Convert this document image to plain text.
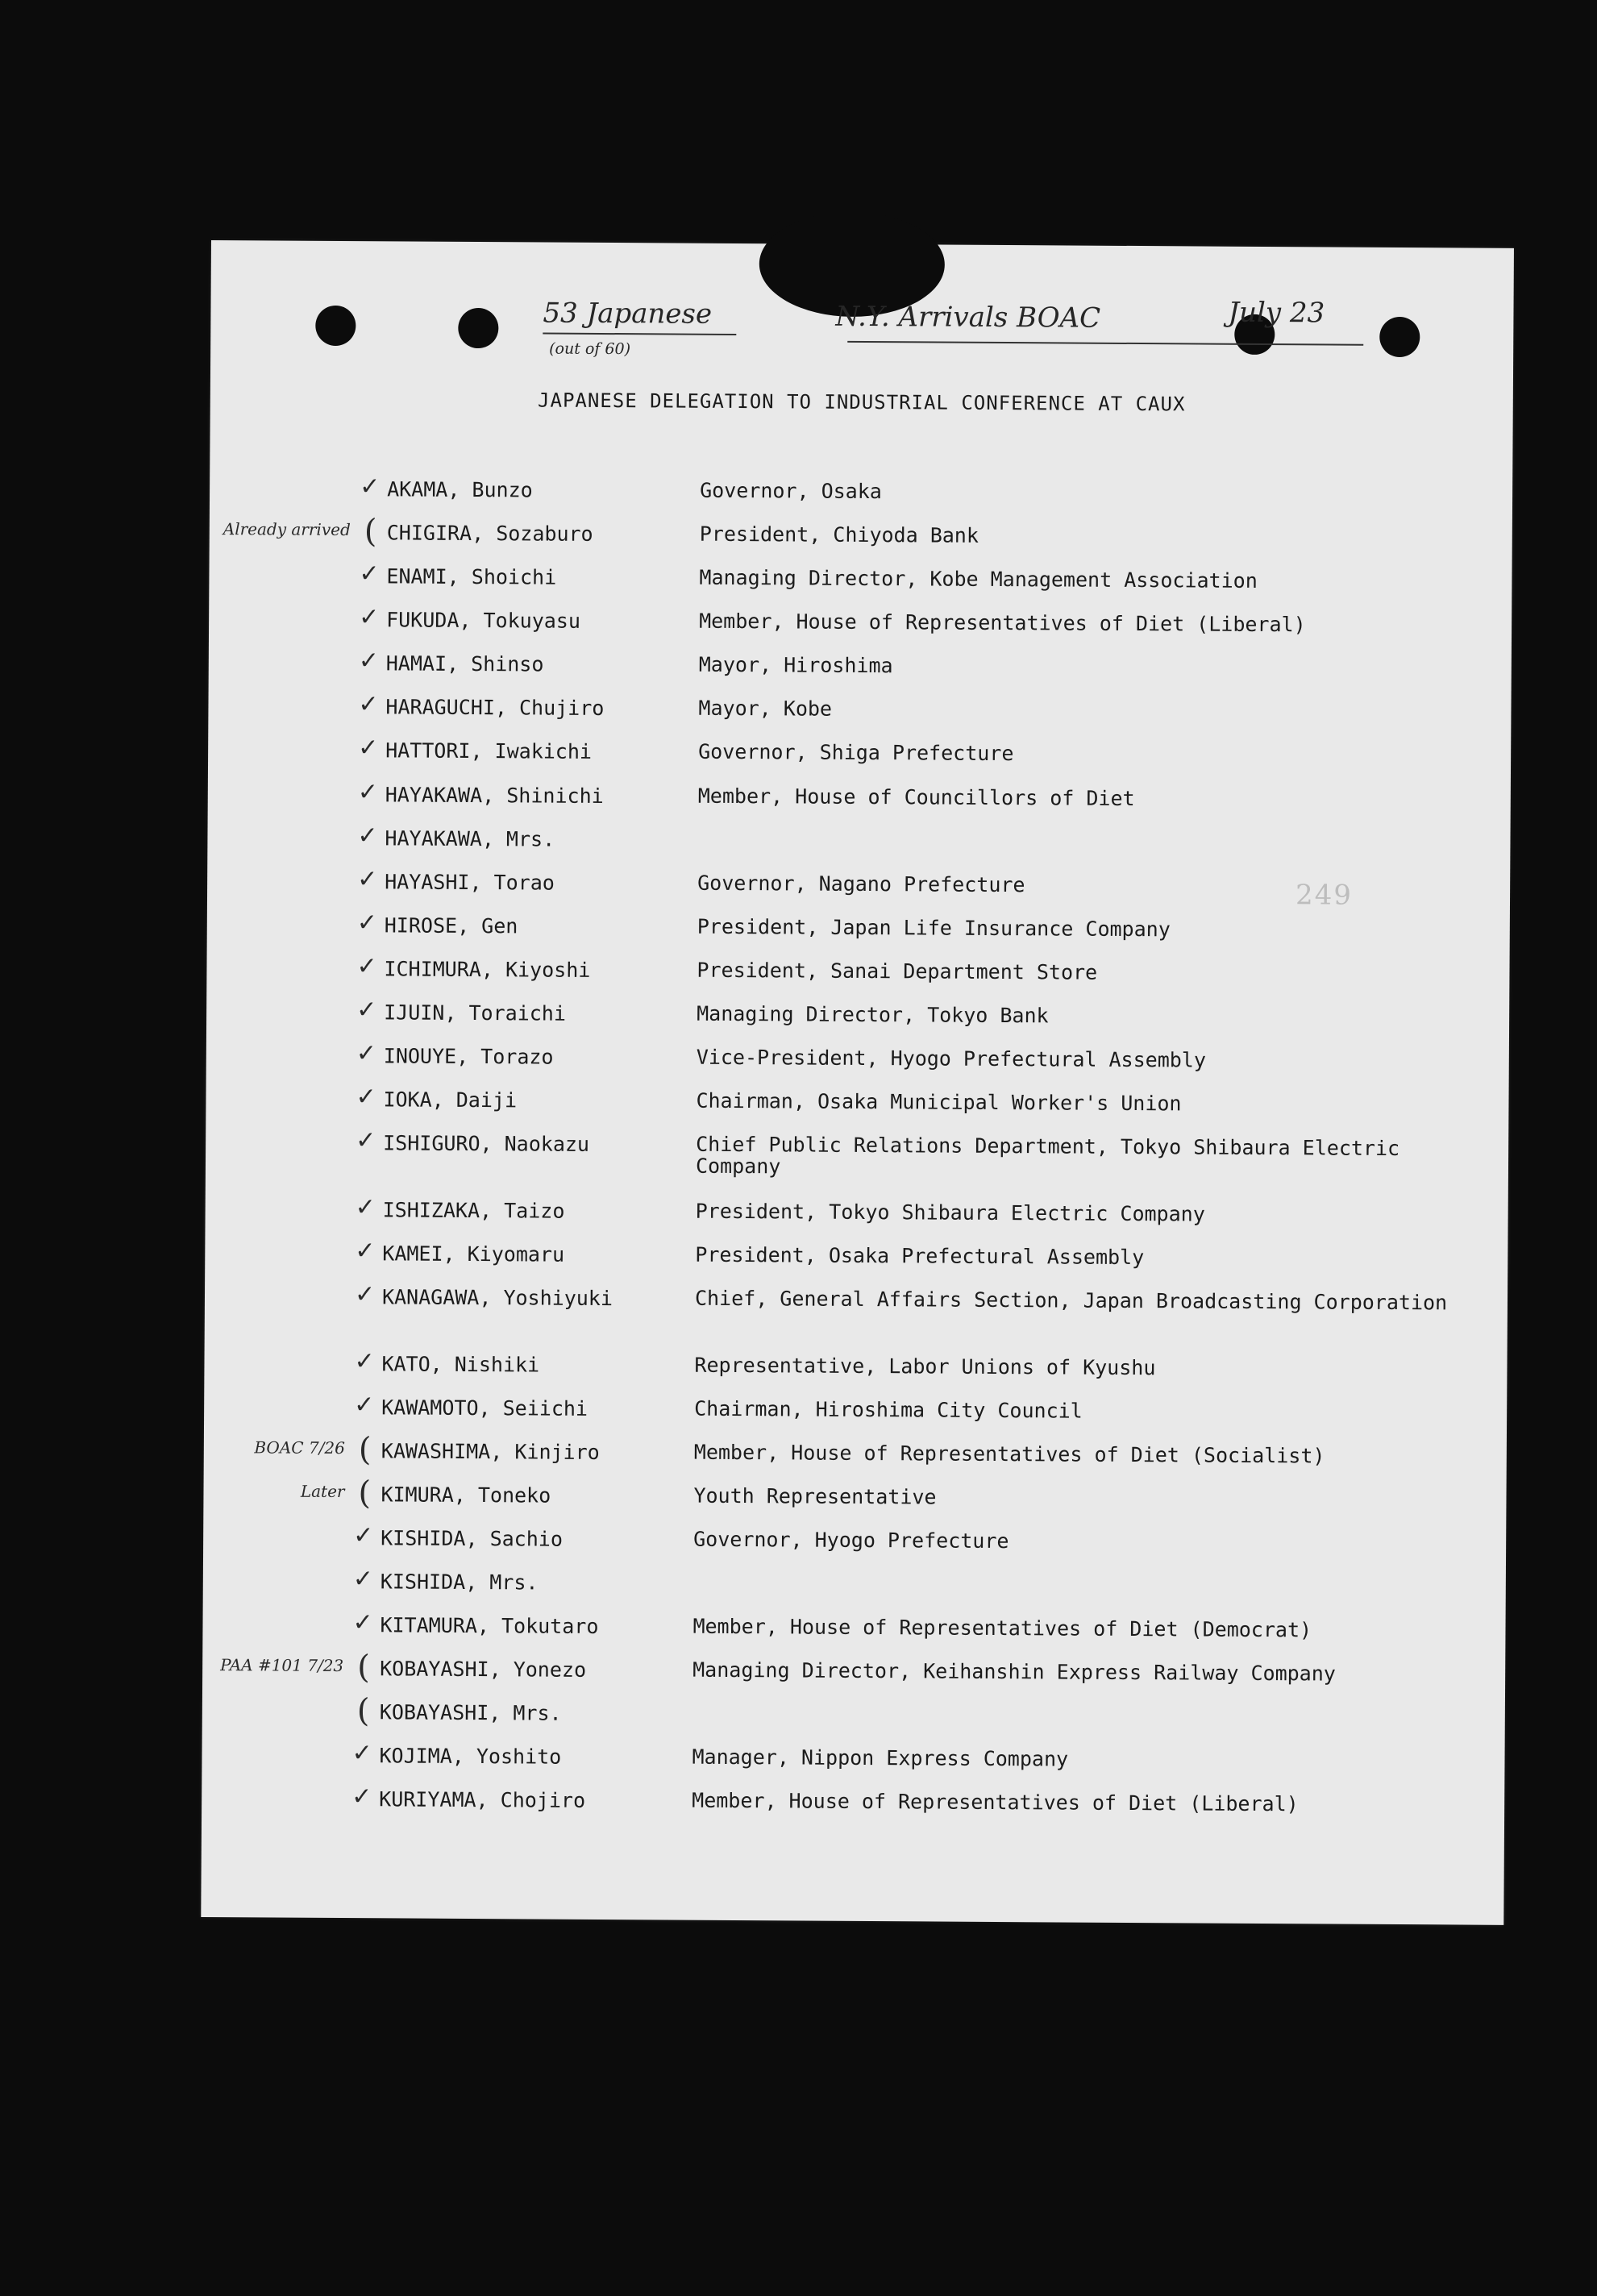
53 Japanese
(out of 60)
N.Y. Arrivals BOAC	July 23
JAPANESE DELEGATION TO INDUSTRIAL CONFERENCE AT CAUX
249
✓ AKAMA, Bunzo	Governor, Osaka
(
Already arrived CHIGIRA, Sozaburo	President, Chiyoda Bank
✓ ENAMI, Shoichi	Managing Director, Kobe Management Association
✓ FUKUDA, Tokuyasu	Member, House of Representatives of Diet (Liberal)
✓ HAMAI, Shinso	Mayor, Hiroshima
✓ HARAGUCHI, Chujiro	Mayor, Kobe
✓ HATTORI, Iwakichi	Governor, Shiga Prefecture
✓ HAYAKAWA, Shinichi	Member, House of Councillors of Diet
✓ HAYAKAWA, Mrs.
✓ HAYASHI, Torao	Governor, Nagano Prefecture
✓ HIROSE, Gen	President, Japan Life Insurance Company
✓ ICHIMURA, Kiyoshi	President, Sanai Department Store
✓ IJUIN, Toraichi	Managing Director, Tokyo Bank
✓ INOUYE, Torazo	Vice-President, Hyogo Prefectural Assembly
✓ IOKA, Daiji	Chairman, Osaka Municipal Worker's Union
✓ ISHIGURO, Naokazu	Chief Public Relations Department, Tokyo Shibaura Electric Company
✓ ISHIZAKA, Taizo	President, Tokyo Shibaura Electric Company
✓ KAMEI, Kiyomaru	President, Osaka Prefectural Assembly
✓ KANAGAWA, Yoshiyuki	Chief, General Affairs Section, Japan Broadcasting Corporation
✓ KATO, Nishiki	Representative, Labor Unions of Kyushu
✓ KAWAMOTO, Seiichi	Chairman, Hiroshima City Council
(
BOAC 7/26 KAWASHIMA, Kinjiro	Member, House of Representatives of Diet (Socialist)
(
Later KIMURA, Toneko	Youth Representative
✓ KISHIDA, Sachio	Governor, Hyogo Prefecture
✓ KISHIDA, Mrs.
✓ KITAMURA, Tokutaro	Member, House of Representatives of Diet (Democrat)
(
PAA #101 7/23 KOBAYASHI, Yonezo	Managing Director, Keihanshin Express Railway Company
( KOBAYASHI, Mrs.
✓ KOJIMA, Yoshito	Manager, Nippon Express Company
✓ KURIYAMA, Chojiro	Member, House of Representatives of Diet (Liberal)
